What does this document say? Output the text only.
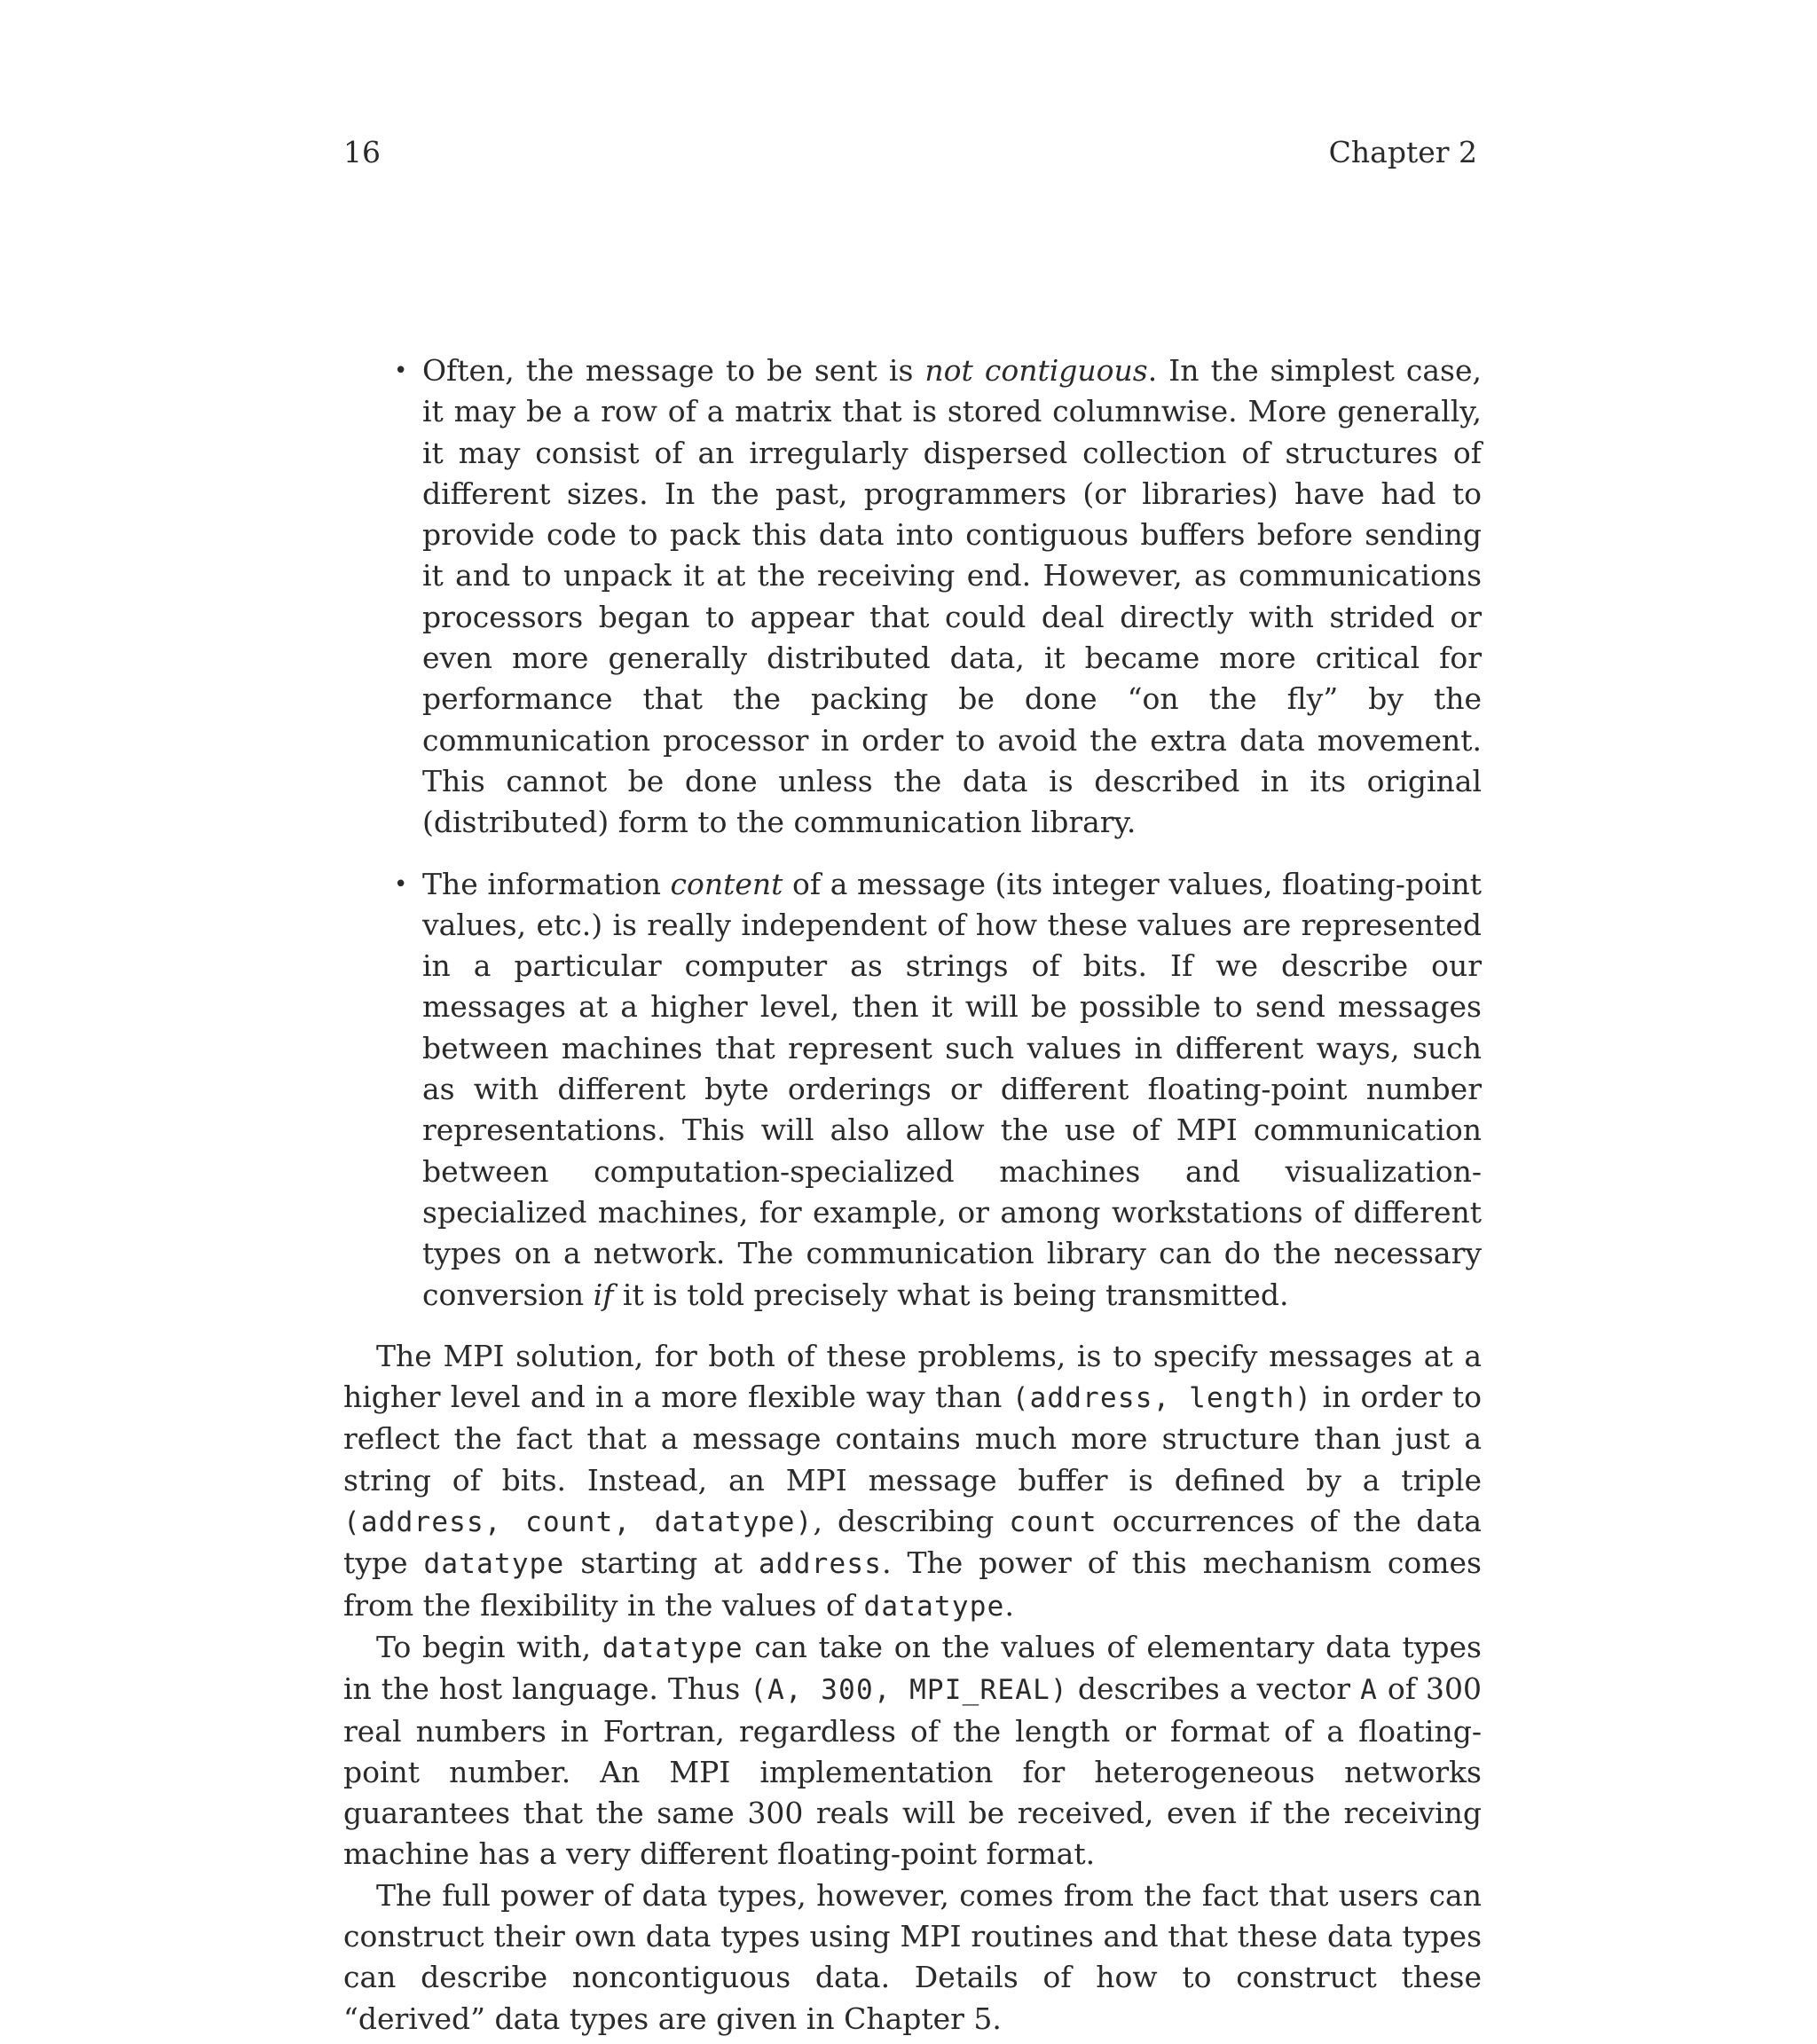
16	Chapter 2
• Often, the message to be sent is not contiguous. In the simplest case, it may be a row of a matrix that is stored columnwise. More generally, it may consist of an irregularly dispersed collection of structures of different sizes. In the past, programmers (or libraries) have had to provide code to pack this data into contiguous buffers before sending it and to unpack it at the receiving end. However, as communications processors began to appear that could deal directly with strided or even more generally distributed data, it became more critical for performance that the packing be done “on the fly” by the communication processor in order to avoid the extra data movement. This cannot be done unless the data is described in its original (distributed) form to the communication library.
• The information content of a message (its integer values, floating-point values, etc.) is really independent of how these values are represented in a particular computer as strings of bits. If we describe our messages at a higher level, then it will be possible to send messages between machines that represent such values in different ways, such as with different byte orderings or different floating-point number representations. This will also allow the use of MPI communication between computation-specialized machines and visualization-specialized machines, for example, or among workstations of different types on a network. The communication library can do the necessary conversion if it is told precisely what is being transmitted.

The MPI solution, for both of these problems, is to specify messages at a higher level and in a more flexible way than (address, length) in order to reflect the fact that a message contains much more structure than just a string of bits. Instead, an MPI message buffer is defined by a triple (address, count, datatype), describing count occurrences of the data type datatype starting at address. The power of this mechanism comes from the flexibility in the values of datatype.

To begin with, datatype can take on the values of elementary data types in the host language. Thus (A, 300, MPI_REAL) describes a vector A of 300 real numbers in Fortran, regardless of the length or format of a floating-point number. An MPI implementation for heterogeneous networks guarantees that the same 300 reals will be received, even if the receiving machine has a very different floating-point format.

The full power of data types, however, comes from the fact that users can construct their own data types using MPI routines and that these data types can describe noncontiguous data. Details of how to construct these “derived” data types are given in Chapter 5.
